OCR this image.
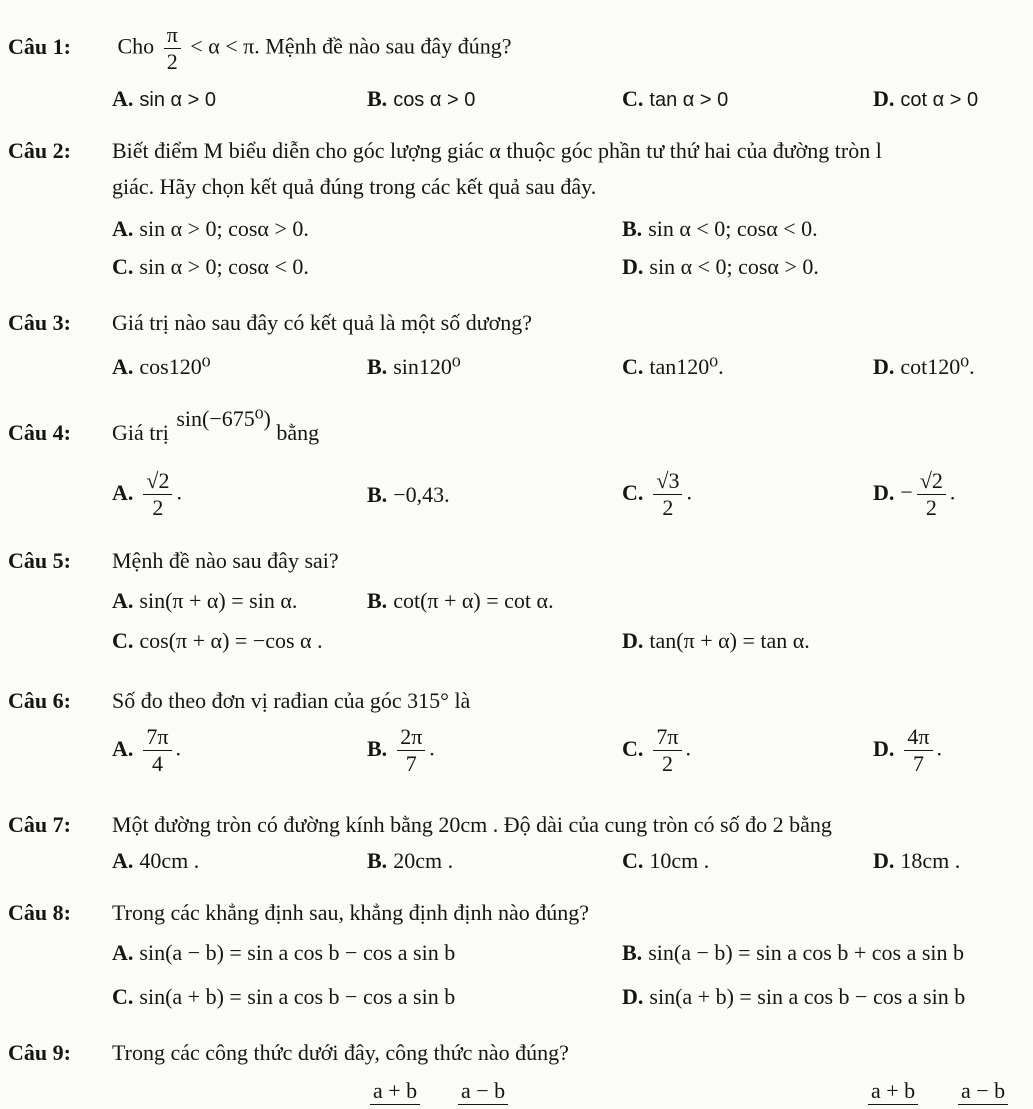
Câu 1: Cho $\frac{\pi}{2} < \alpha < \pi$. Mệnh đề nào sau đây đúng?
A. sin α > 0	B. cos α > 0	C. tan α > 0	D. cot α > 0
Câu 2: Biết điểm M biểu diễn cho góc lượng giác α thuộc góc phần tư thứ hai của đường tròn l
giác. Hãy chọn kết quả đúng trong các kết quả sau đây.
A. sin α > 0; cosα > 0.	B. sin α < 0; cosα < 0.
C. sin α > 0; cosα < 0.	D. sin α < 0; cosα > 0.
Câu 3: Giá trị nào sau đây có kết quả là một số dương?
A. cos120⁰	B. sin120⁰	C. tan120⁰.	D. cot120⁰.
Câu 4: Giá trị sin(−675⁰) bằng
A. $\frac{√2}{2}$ .	B. −0,43.	C. $\frac{√3}{2}$ .	D. − $\frac{√2}{2}$ .
Câu 5: Mệnh đề nào sau đây sai?
A. sin(π + α) = sin α.	B. cot(π + α) = cot α.
C. cos(π + α) = −cos α .	D. tan(π + α) = tan α.
Câu 6: Số đo theo đơn vị rađian của góc 315° là
A. $\frac{7\pi}{4}$ .	B. $\frac{2\pi}{7}$ .	C. $\frac{7\pi}{2}$ .	D. $\frac{4\pi}{7}$ .
Câu 7: Một đường tròn có đường kính bằng 20cm . Độ dài của cung tròn có số đo 2 bằng
A. 40cm .	B. 20cm .	C. 10cm .	D. 18cm .
Câu 8: Trong các khẳng định sau, khẳng định định nào đúng?
A. sin(a − b) = sin a cos b − cos a sin b	B. sin(a − b) = sin a cos b + cos a sin b
C. sin(a + b) = sin a cos b − cos a sin b	D. sin(a + b) = sin a cos b − cos a sin b
Câu 9: Trong các công thức dưới đây, công thức nào đúng?
a + b a − b	a + b a − b
